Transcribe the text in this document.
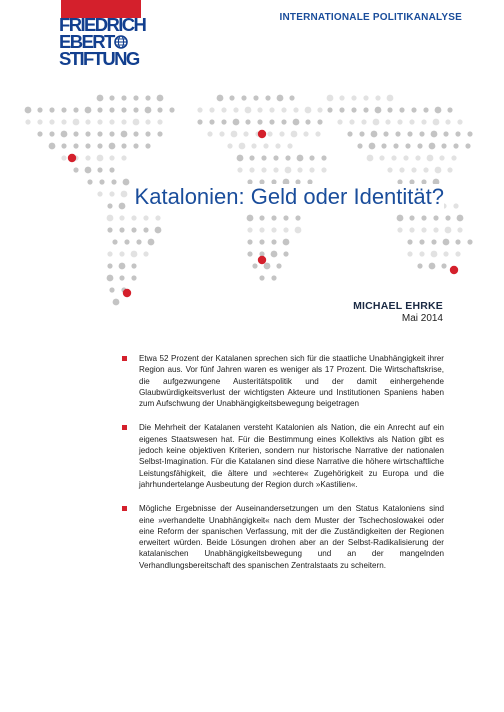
FRIEDRICH
EBERT
STIFTUNG
INTERNATIONALE POLITIKANALYSE
Katalonien: Geld oder Identität?
MICHAEL EHRKE
Mai 2014
Etwa 52 Prozent der Katalanen sprechen sich für die staatliche Unabhängigkeit ihrer Region aus. Vor fünf Jahren waren es weniger als 17 Prozent. Die Wirtschaftskrise, die aufgezwungene Austeritätspolitik und der damit einhergehende Glaubwürdigkeitsverlust der wichtigsten Akteure und Institutionen Spaniens haben zum Aufschwung der Unabhängigkeitsbewegung beigetragen
Die Mehrheit der Katalanen versteht Katalonien als Nation, die ein Anrecht auf ein eigenes Staatswesen hat. Für die Bestimmung eines Kollektivs als Nation gibt es jedoch keine objektiven Kriterien, sondern nur historische Narrative der nationalen Selbst-Imagination. Für die Katalanen sind diese Narrative die höhere wirtschaftliche Leistungsfähigkeit, die ältere und »echtere« Zugehörigkeit zu Europa und die jahrhundertelange Ausbeutung der Region durch »Kastilien«.
Mögliche Ergebnisse der Auseinandersetzungen um den Status Kataloniens sind eine »verhandelte Unabhängigkeit« nach dem Muster der Tschechoslowakei oder eine Reform der spanischen Verfassung, mit der die Zuständigkeiten der Regionen erweitert würden. Beide Lösungen drohen aber an der Selbst-Radikalisierung der katalanischen Unabhängigkeitsbewegung und an der mangelnden Verhandlungsbereitschaft des spanischen Zentralstaats zu scheitern.
